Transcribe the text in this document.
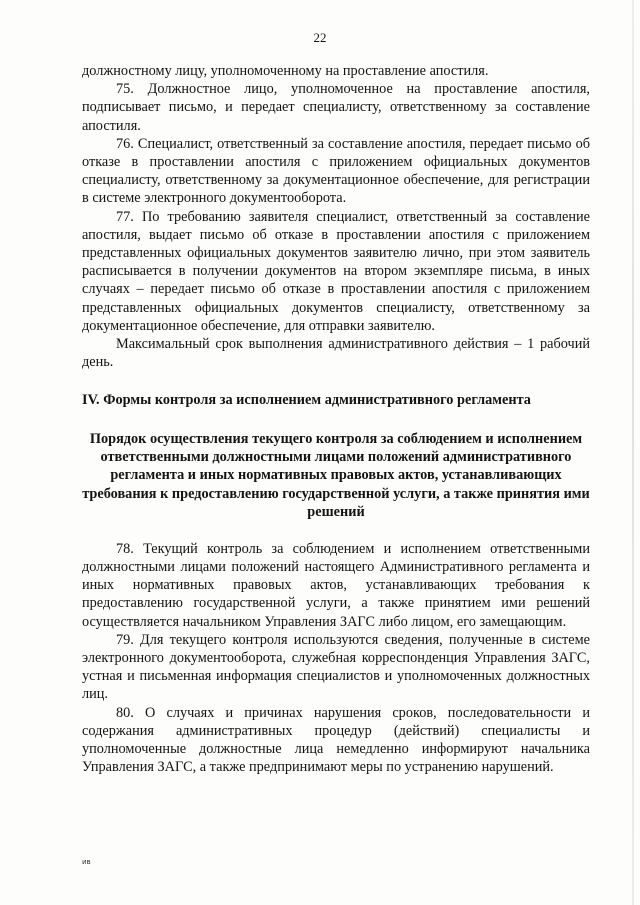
22

должностному лицу, уполномоченному на проставление апостиля.

75. Должностное лицо, уполномоченное на проставление апостиля, подписывает письмо, и передает специалисту, ответственному за составление апостиля.

76. Специалист, ответственный за составление апостиля, передает письмо об отказе в проставлении апостиля с приложением официальных документов специалисту, ответственному за документационное обеспечение, для регистрации в системе электронного документооборота.

77. По требованию заявителя специалист, ответственный за составление апостиля, выдает письмо об отказе в проставлении апостиля с приложением представленных официальных документов заявителю лично, при этом заявитель расписывается в получении документов на втором экземпляре письма, в иных случаях – передает письмо об отказе в проставлении апостиля с приложением представленных официальных документов специалисту, ответственному за документационное обеспечение, для отправки заявителю.

Максимальный срок выполнения административного действия – 1 рабочий день.

IV. Формы контроля за исполнением административного регламента
Порядок осуществления текущего контроля за соблюдением и исполнением ответственными должностными лицами положений административного регламента и иных нормативных правовых актов, устанавливающих требования к предоставлению государственной услуги, а также принятия ими решений

78. Текущий контроль за соблюдением и исполнением ответственными должностными лицами положений настоящего Административного регламента и иных нормативных правовых актов, устанавливающих требования к предоставлению государственной услуги, а также принятием ими решений осуществляется начальником Управления ЗАГС либо лицом, его замещающим.

79. Для текущего контроля используются сведения, полученные в системе электронного документооборота, служебная корреспонденция Управления ЗАГС, устная и письменная информация специалистов и уполномоченных должностных лиц.

80. О случаях и причинах нарушения сроков, последовательности и содержания административных процедур (действий) специалисты и уполномоченные должностные лица немедленно информируют начальника Управления ЗАГС, а также предпринимают меры по устранению нарушений.

ив
